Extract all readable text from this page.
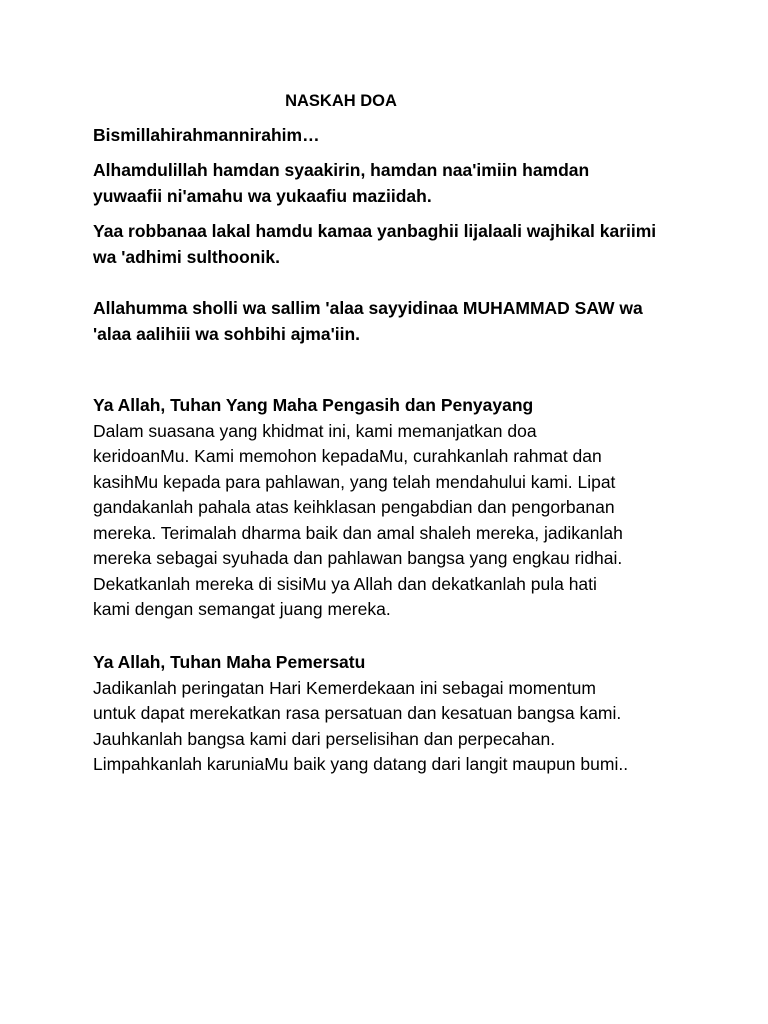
NASKAH DOA
Bismillahirahmannirahim…
Alhamdulillah hamdan syaakirin, hamdan naa'imiin hamdan
yuwaafii ni'amahu wa yukaafiu maziidah.
Yaa robbanaa lakal hamdu kamaa yanbaghii lijalaali wajhikal kariimi
wa 'adhimi sulthoonik.
Allahumma sholli wa sallim 'alaa sayyidinaa MUHAMMAD SAW wa
'alaa aalihiii wa sohbihi ajma'iin.
Ya Allah, Tuhan Yang Maha Pengasih dan Penyayang
Dalam suasana yang khidmat ini, kami memanjatkan doa
keridoanMu. Kami memohon kepadaMu, curahkanlah rahmat dan
kasihMu kepada para pahlawan, yang telah mendahului kami. Lipat
gandakanlah pahala atas keihklasan pengabdian dan pengorbanan
mereka. Terimalah dharma baik dan amal shaleh mereka, jadikanlah
mereka sebagai syuhada dan pahlawan bangsa yang engkau ridhai.
Dekatkanlah mereka di sisiMu ya Allah dan dekatkanlah pula hati
kami dengan semangat juang mereka.
Ya Allah, Tuhan Maha Pemersatu
Jadikanlah peringatan Hari Kemerdekaan ini sebagai momentum
untuk dapat merekatkan rasa persatuan dan kesatuan bangsa kami.
Jauhkanlah bangsa kami dari perselisihan dan perpecahan.
Limpahkanlah karuniaMu baik yang datang dari langit maupun bumi..
